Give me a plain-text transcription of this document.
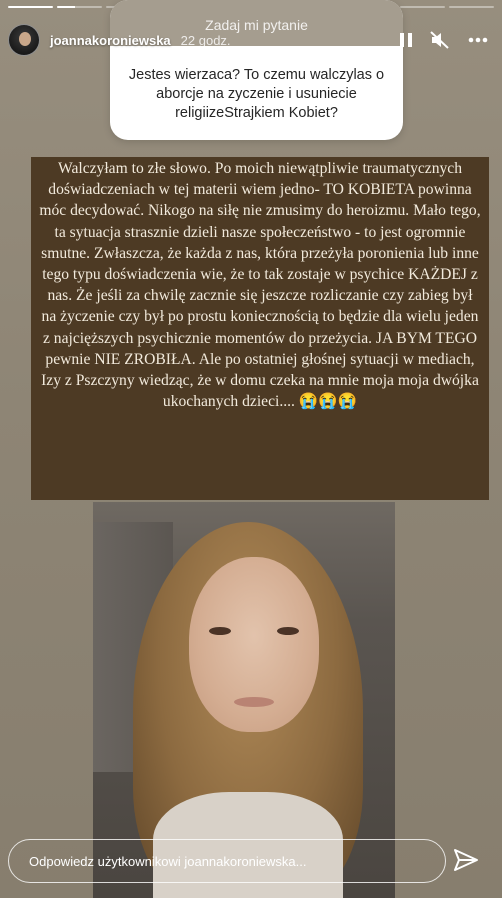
Zadaj mi pytanie
Jestes wierzaca? To czemu walczylas o aborcje na zyczenie i usuniecie religiizeStrajkiem Kobiet?
joannakoroniewska 22 godz.
Walczyłam to złe słowo. Po moich niewątpliwie traumatycznych doświadczeniach w tej materii wiem jedno- TO KOBIETA powinna móc decydować. Nikogo na siłę nie zmusimy do heroizmu. Mało tego, ta sytuacja strasznie dzieli nasze społeczeństwo - to jest ogromnie smutne. Zwłaszcza, że każda z nas, która przeżyła poronienia lub inne tego typu doświadczenia wie, że to tak zostaje w psychice KAŻDEJ z nas. Że jeśli za chwilę zacznie się jeszcze rozliczanie czy zabieg był na życzenie czy był po prostu koniecznością to będzie dla wielu jeden z najcięższych psychicznie momentów do przeżycia. JA BYM TEGO pewnie NIE ZROBIŁA. Ale po ostatniej głośnej sytuacji w mediach, Izy z Pszczyny wiedząc, że w domu czeka na mnie moja moja dwójka ukochanych dzieci.... 😭😭😭
Odpowiedz użytkownikowi joannakoroniewska...
